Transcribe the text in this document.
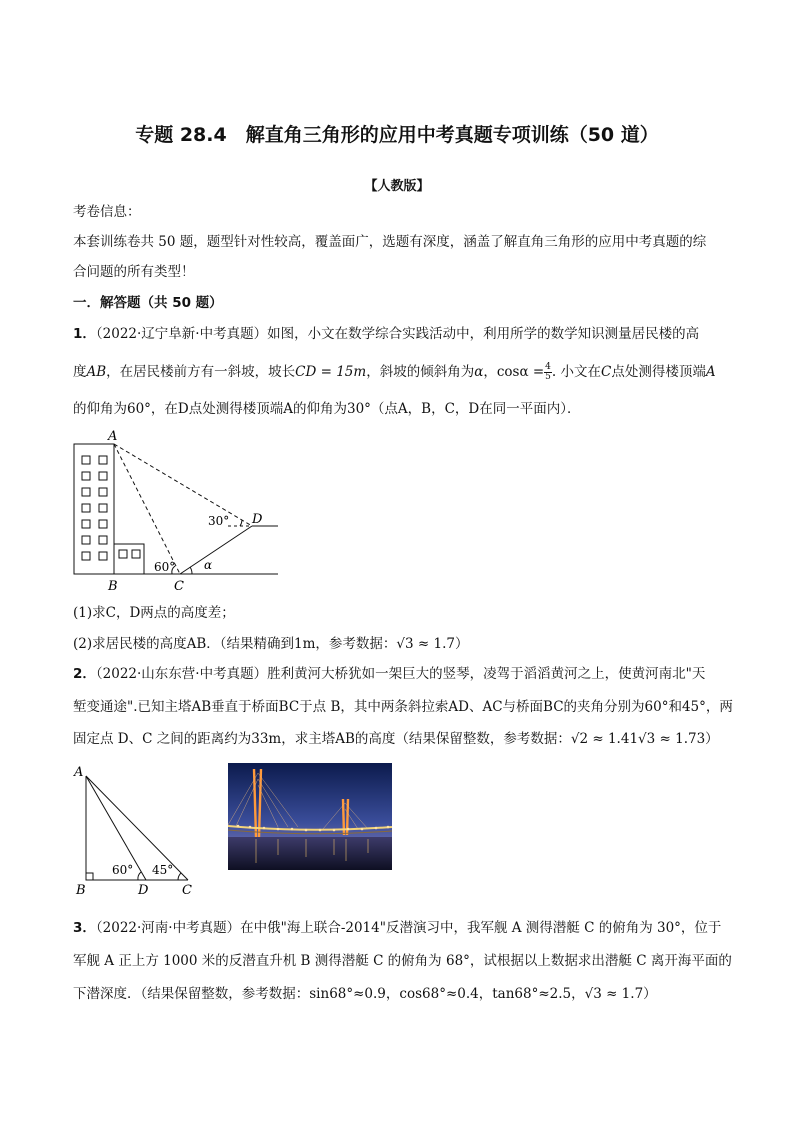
专题 28.4　解直角三角形的应用中考真题专项训练（50 道）
【人教版】
考卷信息：
本套训练卷共 50 题，题型针对性较高，覆盖面广，选题有深度，涵盖了解直角三角形的应用中考真题的综
合问题的所有类型！
一．解答题（共 50 题）
1．（2022·辽宁阜新·中考真题）如图，小文在数学综合实践活动中，利用所学的数学知识测量居民楼的高
度AB，在居民楼前方有一斜坡，坡长CD = 15m，斜坡的倾斜角为α，$\cos\alpha = \frac{4}{5}$ . 小文在C点处测得楼顶端A
的仰角为60°，在D点处测得楼顶端A的仰角为30°（点A，B，C，D在同一平面内）．
A
B	C
D
30°
60° α
(1)求C，D两点的高度差；
(2)求居民楼的高度AB．（结果精确到1m，参考数据：√3 ≈ 1.7）
2．（2022·山东东营·中考真题）胜利黄河大桥犹如一架巨大的竖琴，凌驾于滔滔黄河之上，使黄河南北"天
堑变通途".已知主塔AB垂直于桥面BC于点 B，其中两条斜拉索AD、AC与桥面BC的夹角分别为60°和45°，两
固定点 D、C 之间的距离约为33m，求主塔AB的高度（结果保留整数，参考数据：√2 ≈ 1.41√3 ≈ 1.73）
A
B	D	C
60° 45°
3．（2022·河南·中考真题）在中俄"海上联合-2014"反潜演习中，我军舰 A 测得潜艇 C 的俯角为 30°，位于
军舰 A 正上方 1000 米的反潜直升机 B 测得潜艇 C 的俯角为 68°，试根据以上数据求出潜艇 C 离开海平面的
下潜深度．（结果保留整数，参考数据：sin68°≈0.9，cos68°≈0.4，tan68°≈2.5，√3 ≈ 1.7）
